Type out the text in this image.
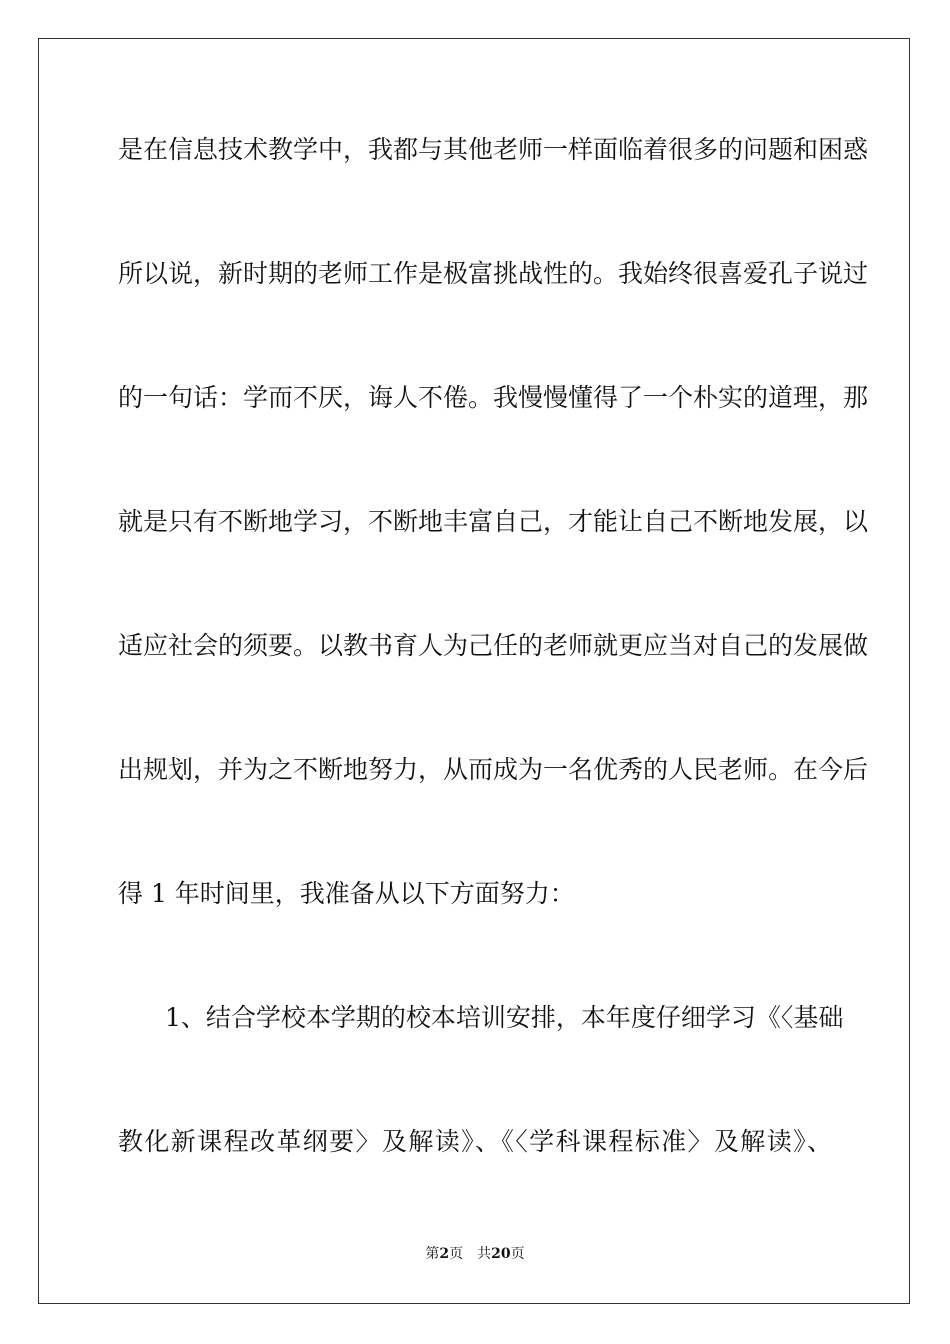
是在信息技术教学中，我都与其他老师一样面临着很多的问题和困惑
所以说，新时期的老师工作是极富挑战性的。我始终很喜爱孔子说过
的一句话：学而不厌，诲人不倦。我慢慢懂得了一个朴实的道理，那
就是只有不断地学习，不断地丰富自己，才能让自己不断地发展，以
适应社会的须要。以教书育人为己任的老师就更应当对自己的发展做
出规划，并为之不断地努力，从而成为一名优秀的人民老师。在今后
得 1 年时间里，我准备从以下方面努力：
1、结合学校本学期的校本培训安排，本年度仔细学习《〈基础
教化新课程改革纲要〉及解读》、《〈学科课程标准〉及解读》、
第2页 共20页
